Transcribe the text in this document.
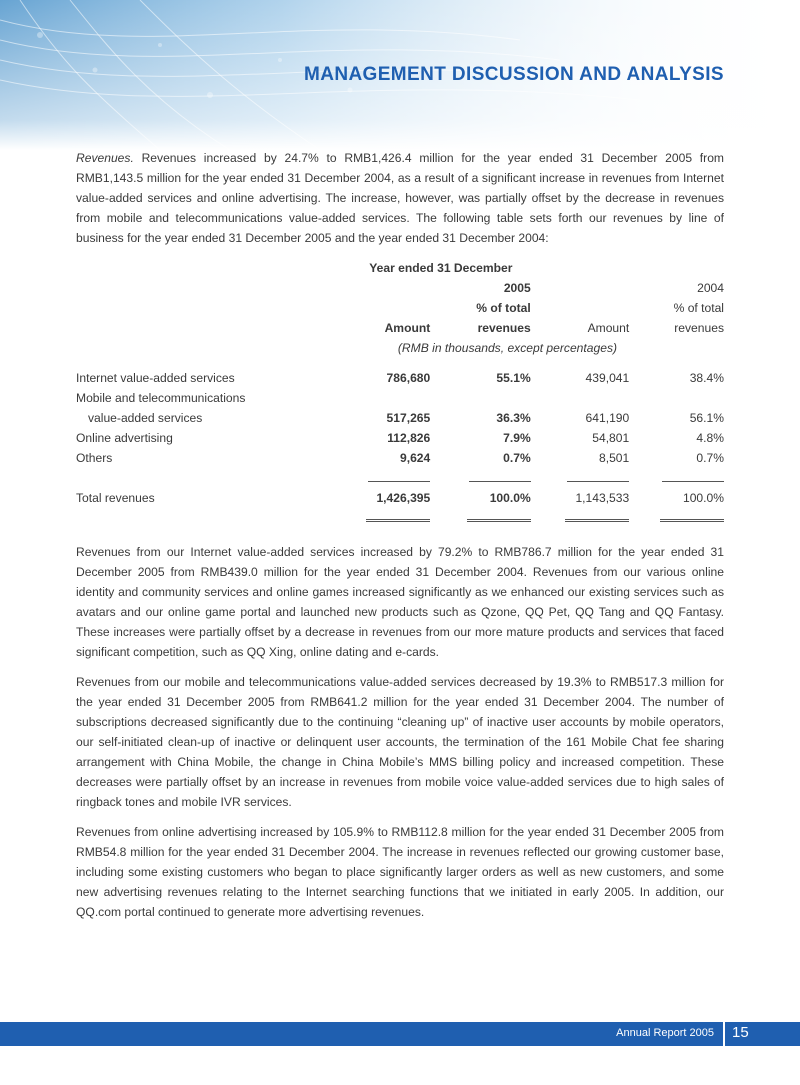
MANAGEMENT DISCUSSION AND ANALYSIS

Revenues. Revenues increased by 24.7% to RMB1,426.4 million for the year ended 31 December 2005 from RMB1,143.5 million for the year ended 31 December 2004, as a result of a significant increase in revenues from Internet value-added services and online advertising. The increase, however, was partially offset by the decrease in revenues from mobile and telecommunications value-added services. The following table sets forth our revenues by line of business for the year ended 31 December 2005 and the year ended 31 December 2004:

	Year ended 31 December				
			2005		2004
			% of total		% of total
	Amount		revenues	Amount	revenues
	(RMB in thousands, except percentages)				

Internet value-added services	786,680		55.1%	439,041	38.4%
Mobile and telecommunications					
value-added services	517,265		36.3%	641,190	56.1%
Online advertising	112,826		7.9%	54,801	4.8%
Others	9,624		0.7%	8,501	0.7%

Total revenues	1,426,395		100.0%	1,143,533	100.0%

Revenues from our Internet value-added services increased by 79.2% to RMB786.7 million for the year ended 31 December 2005 from RMB439.0 million for the year ended 31 December 2004. Revenues from our various online identity and community services and online games increased significantly as we enhanced our existing services such as avatars and our online game portal and launched new products such as Qzone, QQ Pet, QQ Tang and QQ Fantasy. These increases were partially offset by a decrease in revenues from our more mature products and services that faced significant competition, such as QQ Xing, online dating and e-cards.

Revenues from our mobile and telecommunications value-added services decreased by 19.3% to RMB517.3 million for the year ended 31 December 2005 from RMB641.2 million for the year ended 31 December 2004. The number of subscriptions decreased significantly due to the continuing “cleaning up” of inactive user accounts by mobile operators, our self-initiated clean-up of inactive or delinquent user accounts, the termination of the 161 Mobile Chat fee sharing arrangement with China Mobile, the change in China Mobile’s MMS billing policy and increased competition. These decreases were partially offset by an increase in revenues from mobile voice value-added services due to high sales of ringback tones and mobile IVR services.

Revenues from online advertising increased by 105.9% to RMB112.8 million for the year ended 31 December 2005 from RMB54.8 million for the year ended 31 December 2004. The increase in revenues reflected our growing customer base, including some existing customers who began to place significantly larger orders as well as new customers, and some new advertising revenues relating to the Internet searching functions that we initiated in early 2005. In addition, our QQ.com portal continued to generate more advertising revenues.

Annual Report 2005 15
